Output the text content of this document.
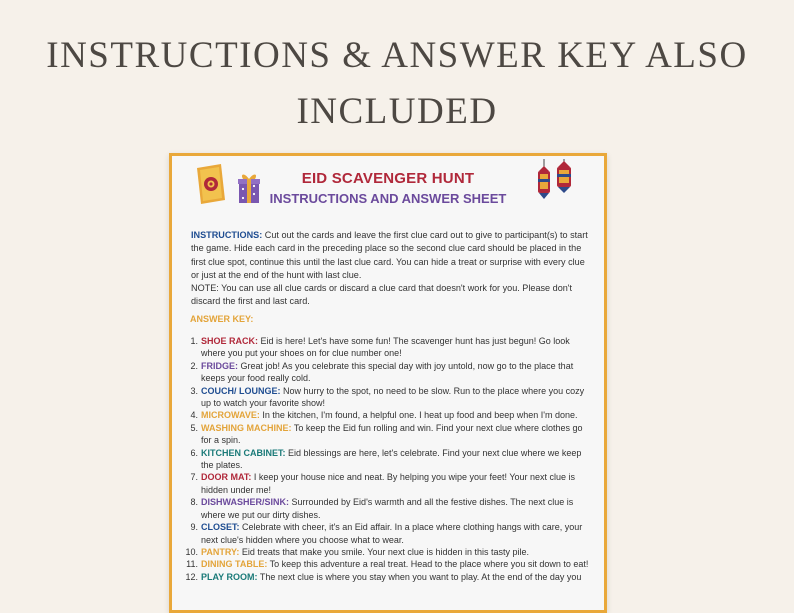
INSTRUCTIONS & ANSWER KEY ALSO
INCLUDED
EID SCAVENGER HUNT
INSTRUCTIONS AND ANSWER SHEET
INSTRUCTIONS: Cut out the cards and leave the first clue card out to give to participant(s) to start the game. Hide each card in the preceding place so the second clue card should be placed in the first clue spot, continue this until the last clue card. You can hide a treat or surprise with every clue or just at the end of the hunt with last clue.
NOTE: You can use all clue cards or discard a clue card that doesn't work for you. Please don't discard the first and last card.
ANSWER KEY:
1. SHOE RACK: Eid is here! Let's have some fun! The scavenger hunt has just begun! Go look where you put your shoes on for clue number one!
2. FRIDGE: Great job! As you celebrate this special day with joy untold, now go to the place that keeps your food really cold.
3. COUCH/ LOUNGE: Now hurry to the spot, no need to be slow. Run to the place where you cozy up to watch your favorite show!
4. MICROWAVE: In the kitchen, I'm found, a helpful one. I heat up food and beep when I'm done.
5. WASHING MACHINE: To keep the Eid fun rolling and win. Find your next clue where clothes go for a spin.
6. KITCHEN CABINET: Eid blessings are here, let's celebrate. Find your next clue where we keep the plates.
7. DOOR MAT: I keep your house nice and neat. By helping you wipe your feet! Your next clue is hidden under me!
8. DISHWASHER/SINK: Surrounded by Eid's warmth and all the festive dishes. The next clue is where we put our dirty dishes.
9. CLOSET: Celebrate with cheer, it's an Eid affair. In a place where clothing hangs with care, your next clue's hidden where you choose what to wear.
10. PANTRY: Eid treats that make you smile. Your next clue is hidden in this tasty pile.
11. DINING TABLE: To keep this adventure a real treat. Head to the place where you sit down to eat!
12. PLAY ROOM: The next clue is where you stay when you want to play. At the end of the day you
